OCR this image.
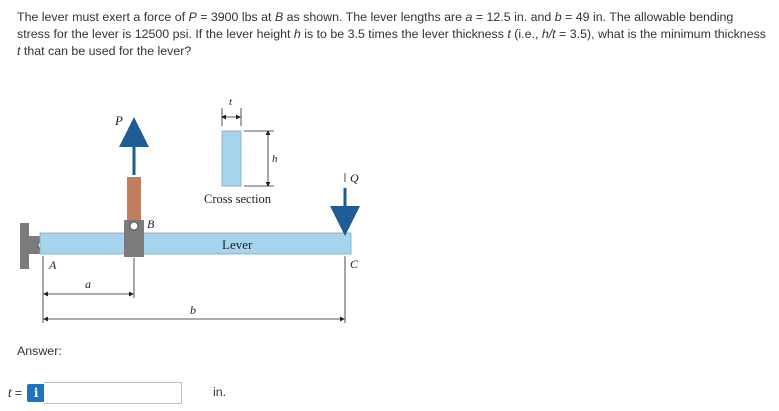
The lever must exert a force of P = 3900 lbs at B as shown. The lever lengths are a = 12.5 in. and b = 49 in. The allowable bending stress for the lever is 12500 psi. If the lever height h is to be 3.5 times the lever thickness t (i.e., h/t = 3.5), what is the minimum thickness t that can be used for the lever?
Lever
B
P
Q
Cross section
t
h
A	C
a
b
Answer:
t = i	in.
